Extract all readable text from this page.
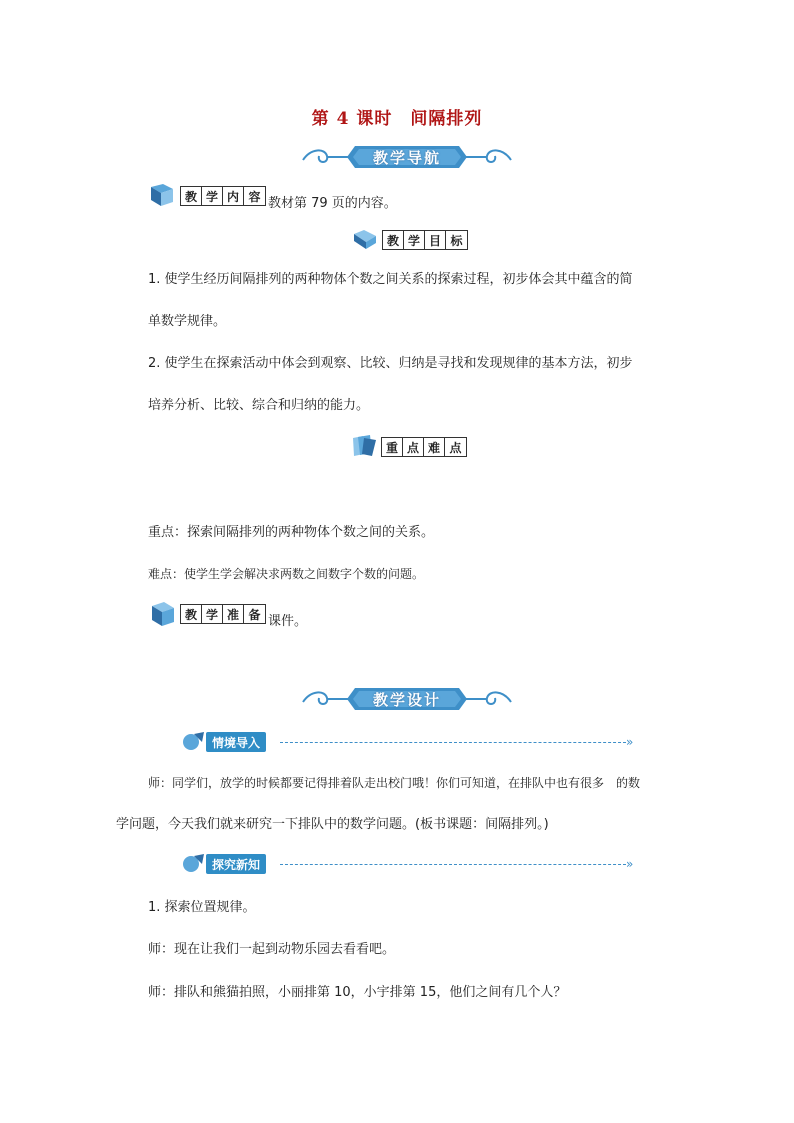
第 4 课时　间隔排列
教学导航
教 学 内 容 教材第 79 页的内容。
教 学 目 标
1. 使学生经历间隔排列的两种物体个数之间关系的探索过程，初步体会其中蕴含的简
单数学规律。
2. 使学生在探索活动中体会到观察、比较、归纳是寻找和发现规律的基本方法，初步
培养分析、比较、综合和归纳的能力。
重 点 难 点
重点：探索间隔排列的两种物体个数之间的关系。
难点：使学生学会解决求两数之间数字个数的问题。
教 学 准 备 课件。
教学设计
情境导入	»
师：同学们，放学的时候都要记得排着队走出校门哦！你们可知道，在排队中也有很多　的数
学问题，今天我们就来研究一下排队中的数学问题。(板书课题：间隔排列。)
探究新知	»
1. 探索位置规律。
师：现在让我们一起到动物乐园去看看吧。
师：排队和熊猫拍照，小丽排第 10，小宇排第 15，他们之间有几个人？
